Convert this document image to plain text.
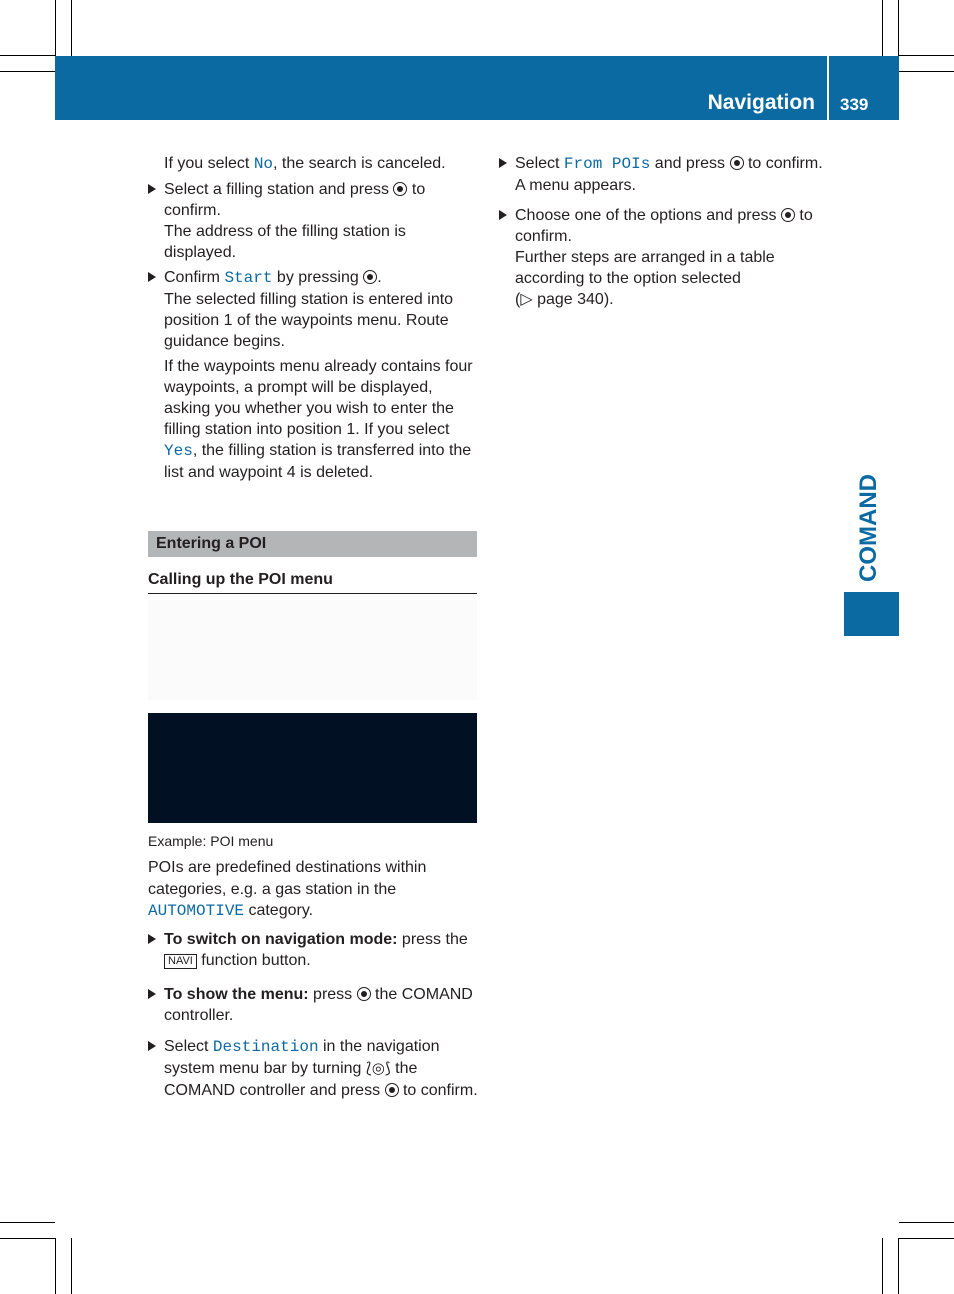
Navigation 339
COMAND

If you select No, the search is canceled.

Select a filling station and press  to confirm.
The address of the filling station is displayed.
Confirm Start by pressing .
The selected filling station is entered into position 1 of the waypoints menu. Route guidance begins.

If the waypoints menu already contains four waypoints, a prompt will be displayed, asking you whether you wish to enter the filling station into position 1. If you select Yes, the filling station is transferred into the list and waypoint 4 is deleted.

Entering a POI
Calling up the POI menu
Example: POI menu

POIs are predefined destinations within categories, e.g. a gas station in the AUTOMOTIVE category.

To switch on navigation mode: press the
NAVI function button.
To show the menu: press  the COMAND controller.
Select Destination in the navigation system menu bar by turning ⟅◎⟆ the COMAND controller and press  to confirm.
Select From POIs and press  to confirm.
A menu appears.
Choose one of the options and press  to confirm.
Further steps are arranged in a table according to the option selected
(▷ page 340).
